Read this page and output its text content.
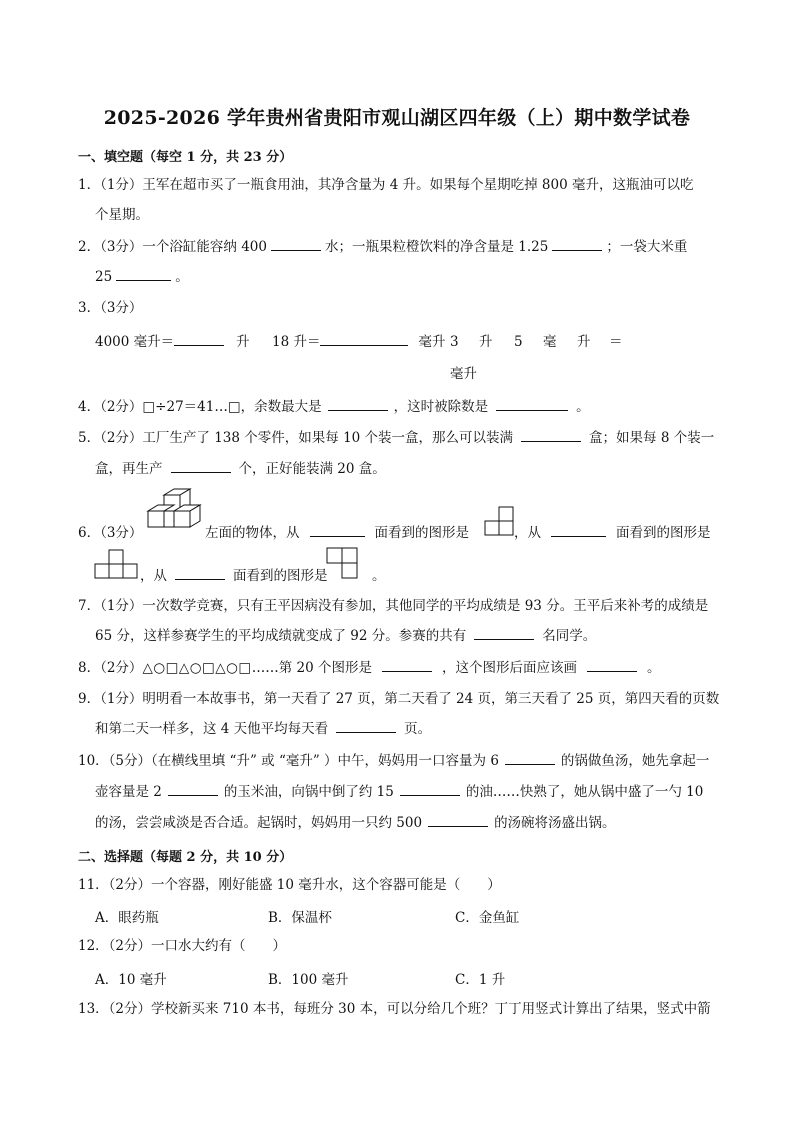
2025-2026 学年贵州省贵阳市观山湖区四年级（上）期中数学试卷
一、填空题（每空 1 分，共 23 分）
1．（1分）王军在超市买了一瓶食用油，其净含量为 4 升。如果每个星期吃掉 800 毫升，这瓶油可以吃
个星期。
2．（3分）一个浴缸能容纳 400	水；一瓶果粒橙饮料的净含量是 1.25	；一袋大米重
25	。
3．（3分）
4000 毫升＝	升 18 升＝	毫升 3 升 5 毫 升 ＝
毫升
4．（2分）□÷27＝41…□，余数最大是	，这时被除数是	。
5．（2分）工厂生产了 138 个零件，如果每 10 个装一盒，那么可以装满	盒；如果每 8 个装一
盒，再生产	个，正好能装满 20 盒。
6．（3分）	左面的物体，从	面看到的图形是	，从	面看到的图形是
，从	面看到的图形是	。
7．（1分）一次数学竞赛，只有王平因病没有参加，其他同学的平均成绩是 93 分。王平后来补考的成绩是
65 分，这样参赛学生的平均成绩就变成了 92 分。参赛的共有	名同学。
8．（2分）△○□△○□△○□……第 20 个图形是	，这个图形后面应该画	。
9．（1分）明明看一本故事书，第一天看了 27 页，第二天看了 24 页，第三天看了 25 页，第四天看的页数
和第二天一样多，这 4 天他平均每天看	页。
10．（5分）（在横线里填 “升” 或 “毫升” ）中午，妈妈用一口容量为 6	的锅做鱼汤，她先拿起一
壶容量是 2	的玉米油，向锅中倒了约 15	的油……快熟了，她从锅中盛了一勺 10
的汤，尝尝咸淡是否合适。起锅时，妈妈用一只约 500	的汤碗将汤盛出锅。
二、选择题（每题 2 分，共 10 分）
11．（2分）一个容器，刚好能盛 10 毫升水，这个容器可能是（　　）
A．眼药瓶	B．保温杯	C．金鱼缸
12．（2分）一口水大约有（　　）
A．10 毫升	B．100 毫升	C．1 升
13．（2分）学校新买来 710 本书，每班分 30 本，可以分给几个班？丁丁用竖式计算出了结果，竖式中箭
